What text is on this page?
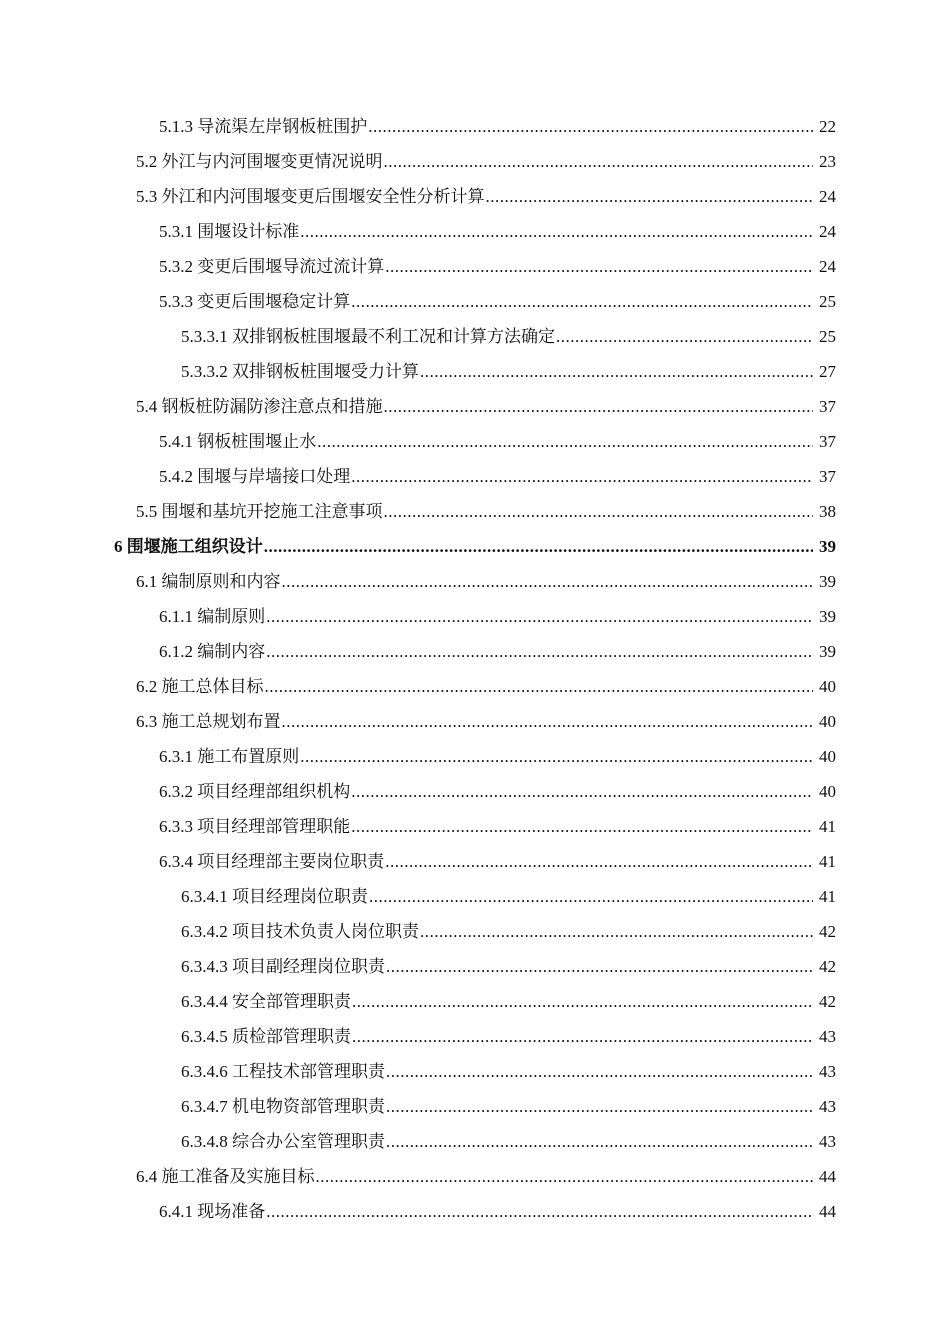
5.1.3 导流渠左岸钢板桩围护 .....	22
5.2 外江与内河围堰变更情况说明 .....	23
5.3 外江和内河围堰变更后围堰安全性分析计算 .....	24
5.3.1 围堰设计标准 .....	24
5.3.2 变更后围堰导流过流计算 .....	24
5.3.3 变更后围堰稳定计算 .....	25
5.3.3.1 双排钢板桩围堰最不利工况和计算方法确定 .....	25
5.3.3.2 双排钢板桩围堰受力计算 .....	27
5.4 钢板桩防漏防渗注意点和措施 .....	37
5.4.1 钢板桩围堰止水 .....	37
5.4.2 围堰与岸墙接口处理 .....	37
5.5 围堰和基坑开挖施工注意事项 .....	38
6 围堰施工组织设计 .....	39
6.1 编制原则和内容 .....	39
6.1.1 编制原则 .....	39
6.1.2 编制内容 .....	39
6.2 施工总体目标 .....	40
6.3 施工总规划布置 .....	40
6.3.1 施工布置原则 .....	40
6.3.2 项目经理部组织机构 .....	40
6.3.3 项目经理部管理职能 .....	41
6.3.4 项目经理部主要岗位职责 .....	41
6.3.4.1 项目经理岗位职责 .....	41
6.3.4.2 项目技术负责人岗位职责 .....	42
6.3.4.3 项目副经理岗位职责 .....	42
6.3.4.4 安全部管理职责 .....	42
6.3.4.5 质检部管理职责 .....	43
6.3.4.6 工程技术部管理职责 .....	43
6.3.4.7 机电物资部管理职责 .....	43
6.3.4.8 综合办公室管理职责 .....	43
6.4 施工准备及实施目标 .....	44
6.4.1 现场准备 .....	44
